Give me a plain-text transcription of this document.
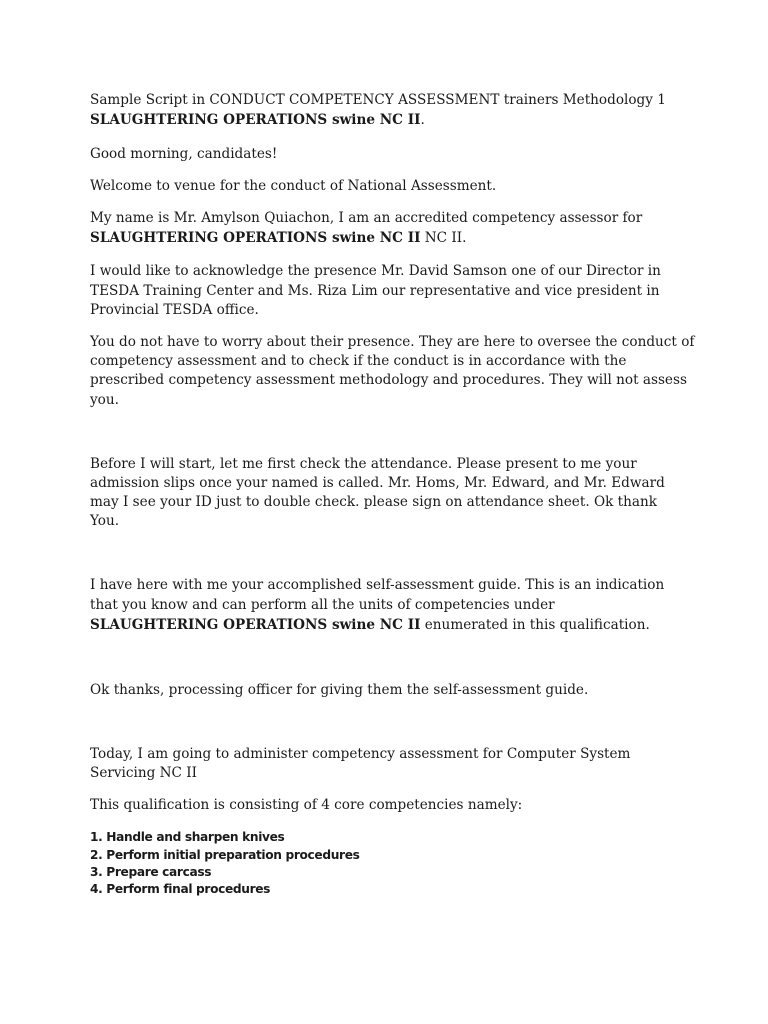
Sample Script in CONDUCT COMPETENCY ASSESSMENT trainers Methodology 1
SLAUGHTERING OPERATIONS swine NC II.
Good morning, candidates!
Welcome to venue for the conduct of National Assessment.
My name is Mr. Amylson Quiachon, I am an accredited competency assessor for
SLAUGHTERING OPERATIONS swine NC II NC II.
I would like to acknowledge the presence Mr. David Samson one of our Director in
TESDA Training Center and Ms. Riza Lim our representative and vice president in
Provincial TESDA office.
You do not have to worry about their presence. They are here to oversee the conduct of
competency assessment and to check if the conduct is in accordance with the
prescribed competency assessment methodology and procedures. They will not assess
you.
Before I will start, let me first check the attendance. Please present to me your
admission slips once your named is called. Mr. Homs, Mr. Edward, and Mr. Edward
may I see your ID just to double check. please sign on attendance sheet. Ok thank
You.
I have here with me your accomplished self-assessment guide. This is an indication
that you know and can perform all the units of competencies under
SLAUGHTERING OPERATIONS swine NC II enumerated in this qualification.
Ok thanks, processing officer for giving them the self-assessment guide.
Today, I am going to administer competency assessment for Computer System
Servicing NC II
This qualification is consisting of 4 core competencies namely:
1. Handle and sharpen knives
2. Perform initial preparation procedures
3. Prepare carcass
4. Perform final procedures
